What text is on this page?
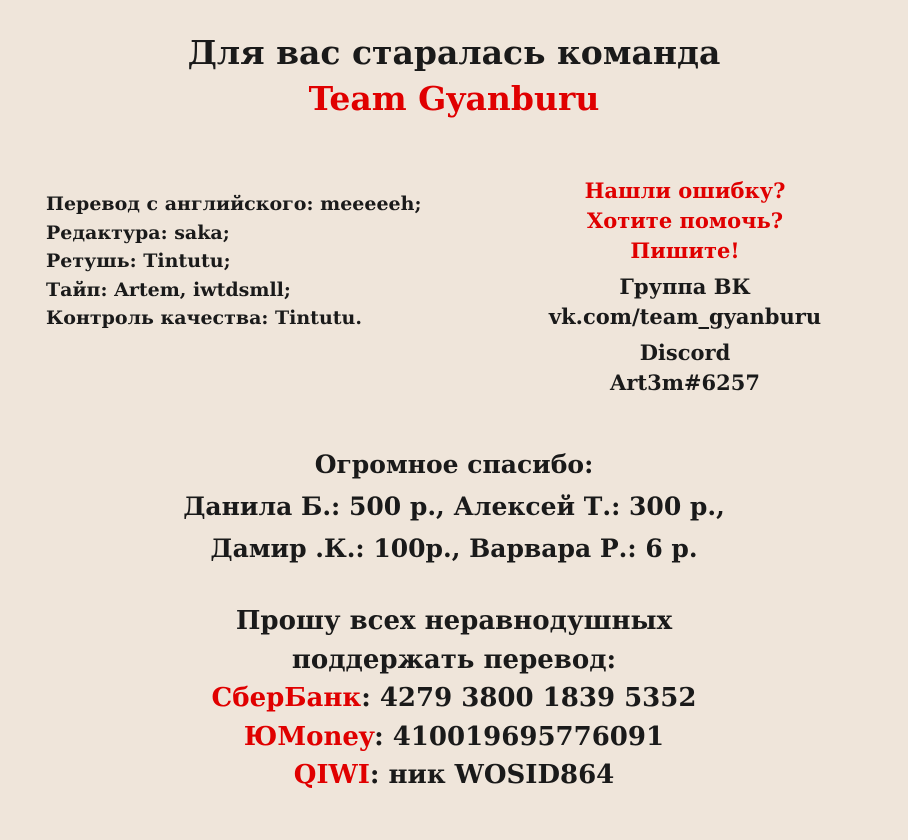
Для вас старалась команда
Team Gyanburu
Перевод с английского: meeeeeh;
Редактура: saka;
Ретушь: Tintutu;
Тайп: Artem, iwtdsmll;
Контроль качества: Tintutu.
Нашли ошибку?
Хотите помочь?
Пишите!
Группа ВК
vk.com/team_gyanburu
Discord
Art3m#6257
Огромное спасибо:
Данила Б.: 500 р., Алексей Т.: 300 р.,
Дамир .К.: 100р., Варвара Р.: 6 р.
Прошу всех неравнодушных
поддержать перевод:
СберБанк: 4279 3800 1839 5352
ЮMoney: 410019695776091
QIWI: ник WOSID864
